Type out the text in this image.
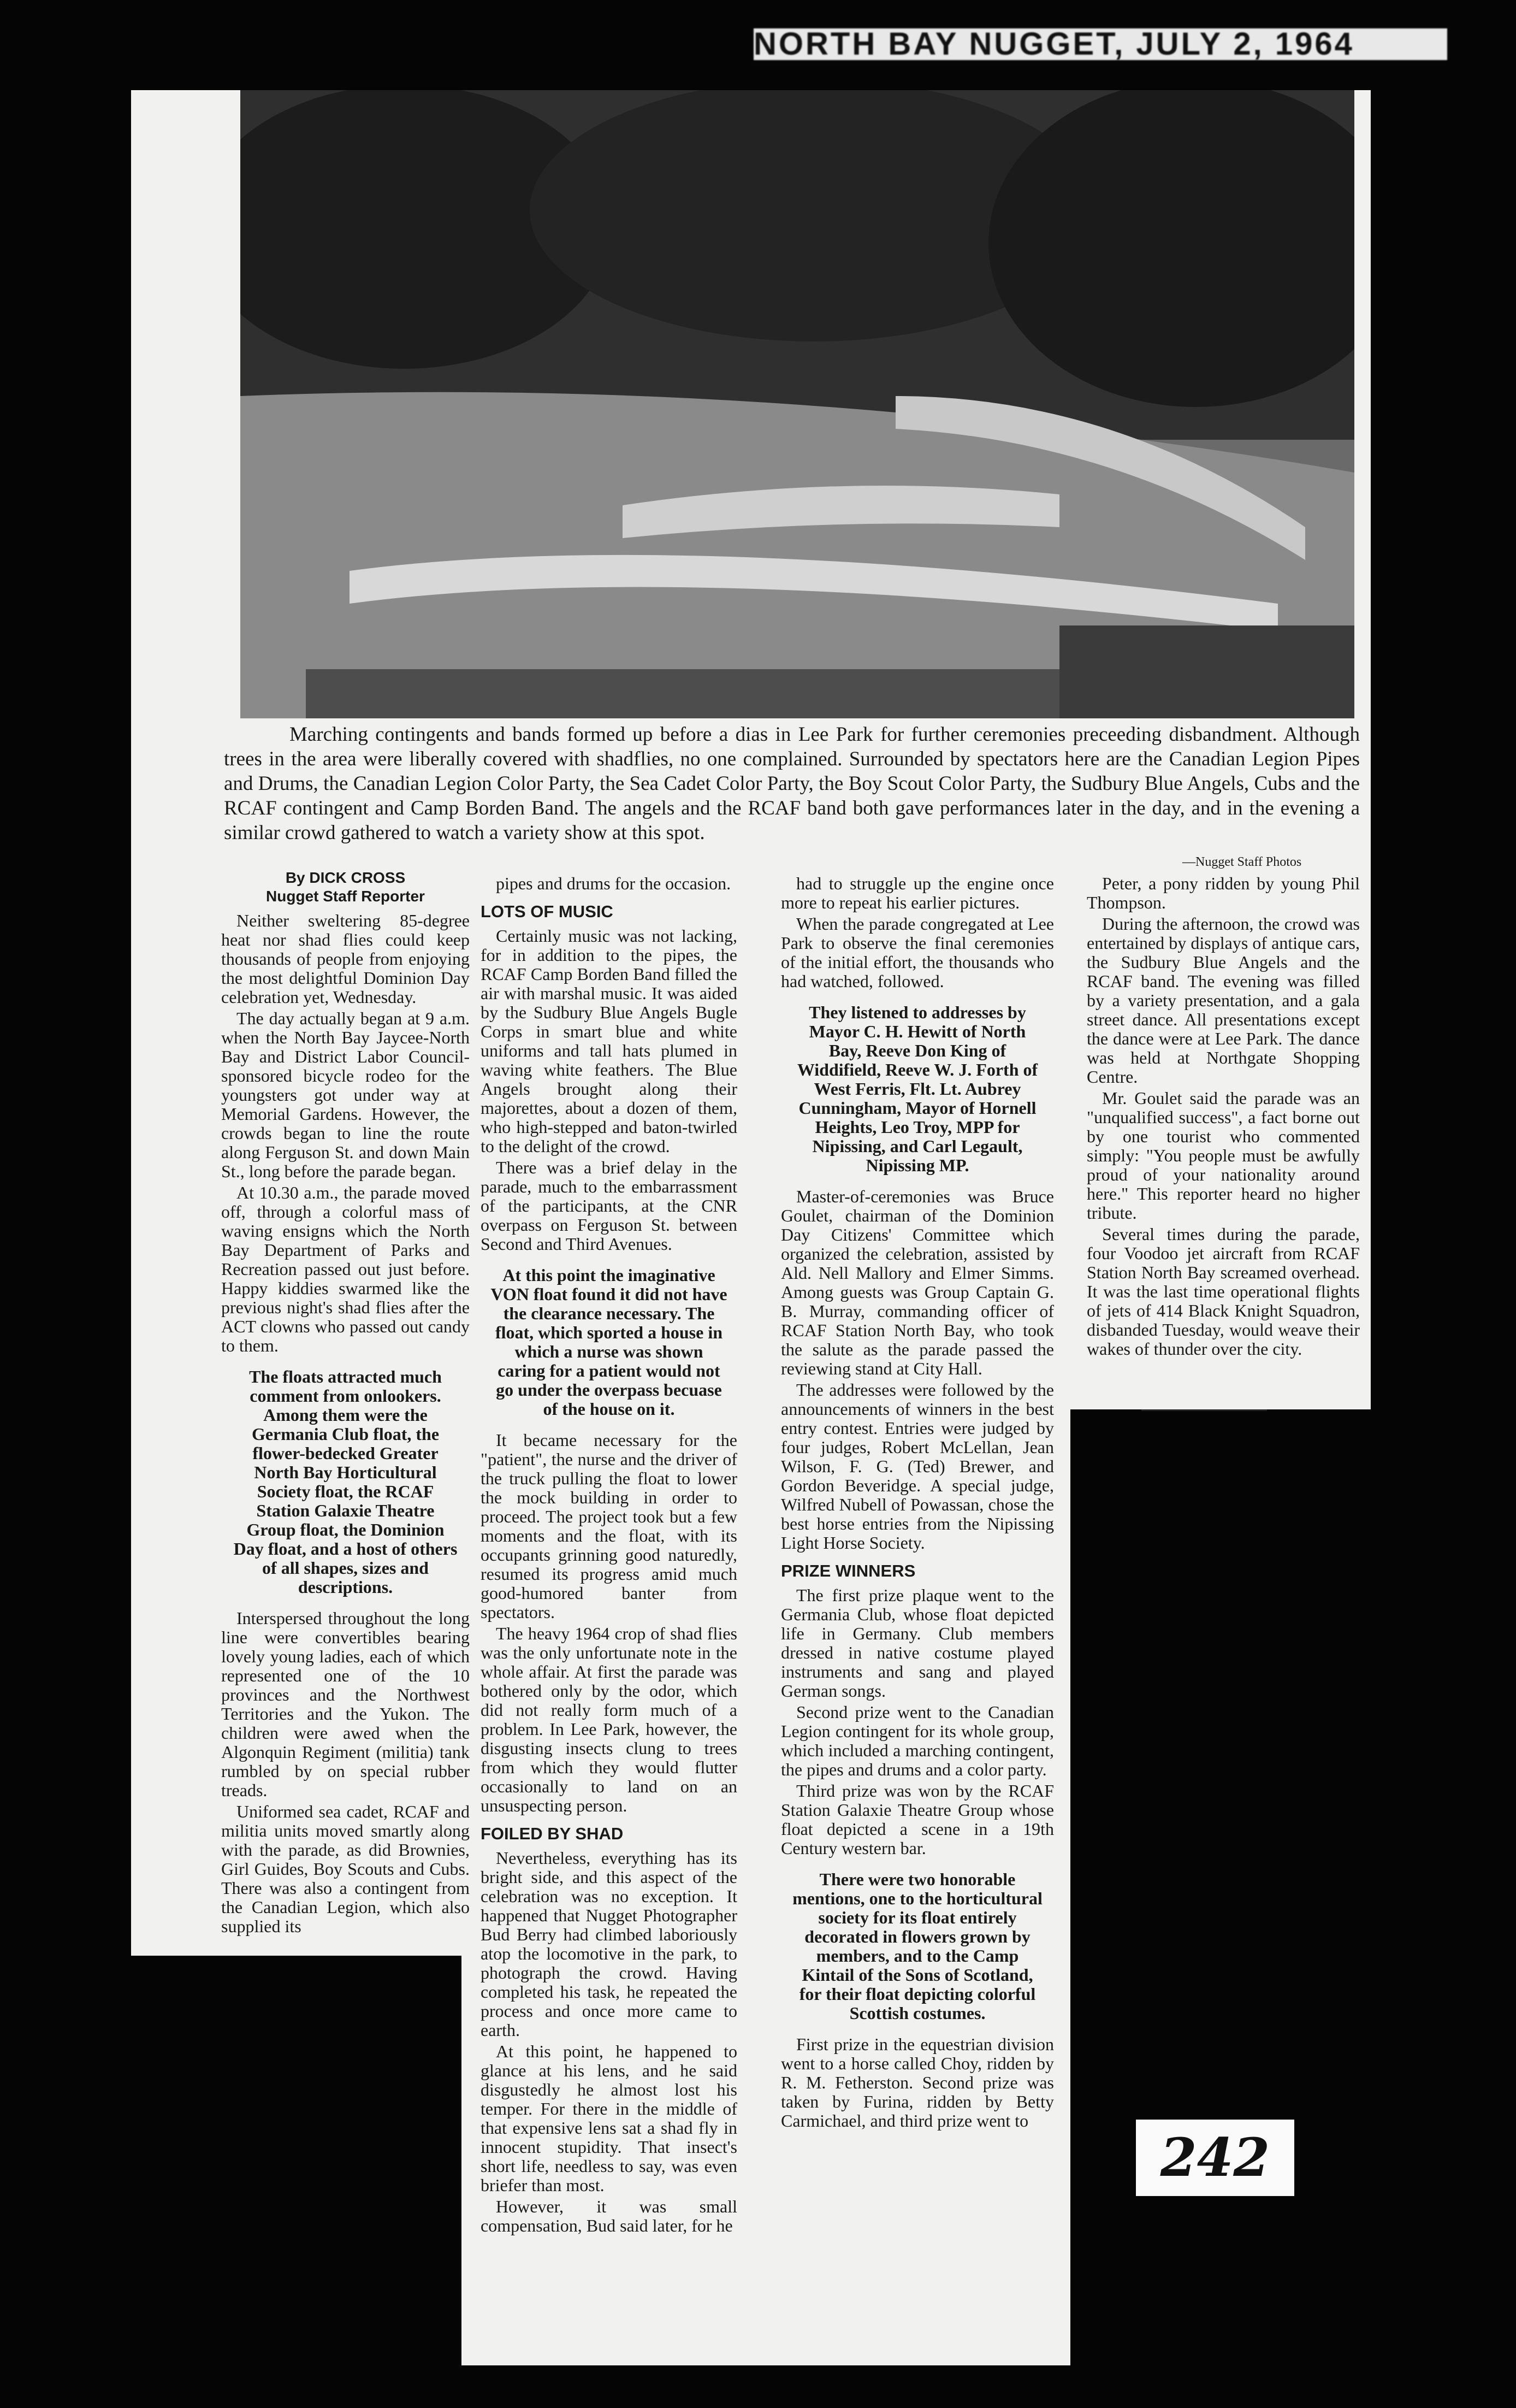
NORTH BAY NUGGET, JULY 2, 1964
Marching contingents and bands formed up before a dias in Lee Park for further ceremonies preceeding disbandment. Although trees in the area were liberally covered with shadflies, no one complained. Surrounded by spectators here are the Canadian Legion Pipes and Drums, the Canadian Legion Color Party, the Sea Cadet Color Party, the Boy Scout Color Party, the Sudbury Blue Angels, Cubs and the RCAF contingent and Camp Borden Band. The angels and the RCAF band both gave performances later in the day, and in the evening a similar crowd gathered to watch a variety show at this spot.
—Nugget Staff Photos
By DICK CROSS
Nugget Staff Reporter

Neither sweltering 85-degree heat nor shad flies could keep thousands of people from enjoying the most delightful Dominion Day celebration yet, Wednesday.

The day actually began at 9 a.m. when the North Bay Jaycee-North Bay and District Labor Council-sponsored bicycle rodeo for the youngsters got under way at Memorial Gardens. However, the crowds began to line the route along Ferguson St. and down Main St., long before the parade began.

At 10.30 a.m., the parade moved off, through a colorful mass of waving ensigns which the North Bay Department of Parks and Recreation passed out just before. Happy kiddies swarmed like the previous night's shad flies after the ACT clowns who passed out candy to them.

The floats attracted much comment from onlookers. Among them were the Germania Club float, the flower-bedecked Greater North Bay Horticultural Society float, the RCAF Station Galaxie Theatre Group float, the Dominion Day float, and a host of others of all shapes, sizes and descriptions.

Interspersed throughout the long line were convertibles bearing lovely young ladies, each of which represented one of the 10 provinces and the Northwest Territories and the Yukon. The children were awed when the Algonquin Regiment (militia) tank rumbled by on special rubber treads.

Uniformed sea cadet, RCAF and militia units moved smartly along with the parade, as did Brownies, Girl Guides, Boy Scouts and Cubs. There was also a contingent from the Canadian Legion, which also supplied its

pipes and drums for the occasion.

LOTS OF MUSIC

Certainly music was not lacking, for in addition to the pipes, the RCAF Camp Borden Band filled the air with marshal music. It was aided by the Sudbury Blue Angels Bugle Corps in smart blue and white uniforms and tall hats plumed in waving white feathers. The Blue Angels brought along their majorettes, about a dozen of them, who high-stepped and baton-twirled to the delight of the crowd.

There was a brief delay in the parade, much to the embarrassment of the participants, at the CNR overpass on Ferguson St. between Second and Third Avenues.

At this point the imaginative VON float found it did not have the clearance necessary. The float, which sported a house in which a nurse was shown caring for a patient would not go under the overpass becuase of the house on it.

It became necessary for the "patient", the nurse and the driver of the truck pulling the float to lower the mock building in order to proceed. The project took but a few moments and the float, with its occupants grinning good naturedly, resumed its progress amid much good-humored banter from spectators.

The heavy 1964 crop of shad flies was the only unfortunate note in the whole affair. At first the parade was bothered only by the odor, which did not really form much of a problem. In Lee Park, however, the disgusting insects clung to trees from which they would flutter occasionally to land on an unsuspecting person.

FOILED BY SHAD

Nevertheless, everything has its bright side, and this aspect of the celebration was no exception. It happened that Nugget Photographer Bud Berry had climbed laboriously atop the locomotive in the park, to photograph the crowd. Having completed his task, he repeated the process and once more came to earth.

At this point, he happened to glance at his lens, and he said disgustedly he almost lost his temper. For there in the middle of that expensive lens sat a shad fly in innocent stupidity. That insect's short life, needless to say, was even briefer than most.

However, it was small compensation, Bud said later, for he

had to struggle up the engine once more to repeat his earlier pictures.

When the parade congregated at Lee Park to observe the final ceremonies of the initial effort, the thousands who had watched, followed.

They listened to addresses by Mayor C. H. Hewitt of North Bay, Reeve Don King of Widdifield, Reeve W. J. Forth of West Ferris, Flt. Lt. Aubrey Cunningham, Mayor of Hornell Heights, Leo Troy, MPP for Nipissing, and Carl Legault, Nipissing MP.

Master-of-ceremonies was Bruce Goulet, chairman of the Dominion Day Citizens' Committee which organized the celebration, assisted by Ald. Nell Mallory and Elmer Simms. Among guests was Group Captain G. B. Murray, commanding officer of RCAF Station North Bay, who took the salute as the parade passed the reviewing stand at City Hall.

The addresses were followed by the announcements of winners in the best entry contest. Entries were judged by four judges, Robert McLellan, Jean Wilson, F. G. (Ted) Brewer, and Gordon Beveridge. A special judge, Wilfred Nubell of Powassan, chose the best horse entries from the Nipissing Light Horse Society.

PRIZE WINNERS

The first prize plaque went to the Germania Club, whose float depicted life in Germany. Club members dressed in native costume played instruments and sang and played German songs.

Second prize went to the Canadian Legion contingent for its whole group, which included a marching contingent, the pipes and drums and a color party.

Third prize was won by the RCAF Station Galaxie Theatre Group whose float depicted a scene in a 19th Century western bar.

There were two honorable mentions, one to the horticultural society for its float entirely decorated in flowers grown by members, and to the Camp Kintail of the Sons of Scotland, for their float depicting colorful Scottish costumes.

First prize in the equestrian division went to a horse called Choy, ridden by R. M. Fetherston. Second prize was taken by Furina, ridden by Betty Carmichael, and third prize went to

Peter, a pony ridden by young Phil Thompson.

During the afternoon, the crowd was entertained by displays of antique cars, the Sudbury Blue Angels and the RCAF band. The evening was filled by a variety presentation, and a gala street dance. All presentations except the dance were at Lee Park. The dance was held at Northgate Shopping Centre.

Mr. Goulet said the parade was an "unqualified success", a fact borne out by one tourist who commented simply: "You people must be awfully proud of your nationality around here." This reporter heard no higher tribute.

Several times during the parade, four Voodoo jet aircraft from RCAF Station North Bay screamed overhead. It was the last time operational flights of jets of 414 Black Knight Squadron, disbanded Tuesday, would weave their wakes of thunder over the city.

242
